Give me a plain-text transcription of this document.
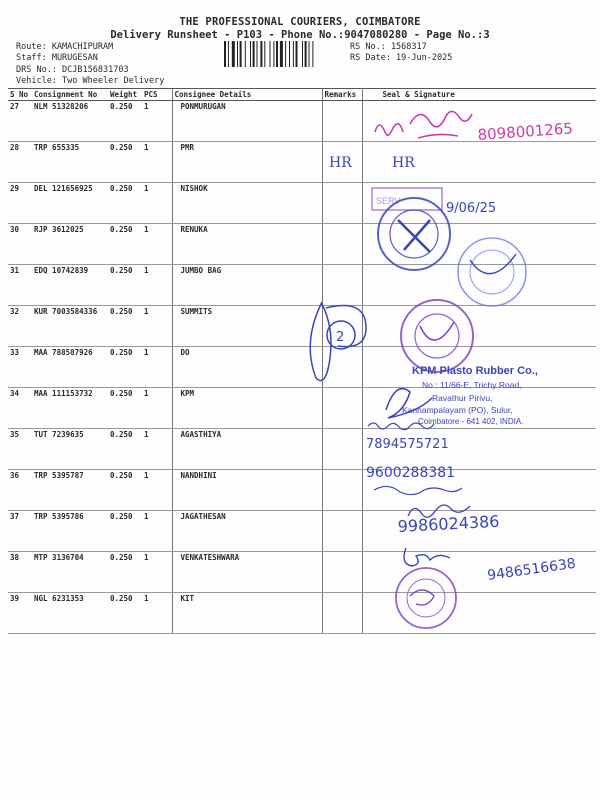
THE PROFESSIONAL COURIERS, COIMBATORE
Delivery Runsheet - P103 - Phone No.:9047080280 - Page No.:3
Route: KAMACHIPURAM
Staff: MURUGESAN
DRS No.: DCJB156831703
Vehicle: Two Wheeler Delivery
RS No.: 1568317
RS Date: 19-Jun-2025
S No	Consignment No	Weight	PCS	Consignee Details	Remarks	Seal & Signature
27	NLM 51328206	0.250	1	PONMURUGAN		
28	TRP 655335	0.250	1	PMR		
29	DEL 121656925	0.250	1	NISHOK		
30	RJP 3612025	0.250	1	RENUKA		
31	EDQ 10742839	0.250	1	JUMBO BAG		
32	KUR 7003584336	0.250	1	SUMMITS		
33	MAA 788587926	0.250	1	DO		
34	MAA 111153732	0.250	1	KPM		
35	TUT 7239635	0.250	1	AGASTHIYA		
36	TRP 5395787	0.250	1	NANDHINI		
37	TRP 5395786	0.250	1	JAGATHESAN		
38	MTP 3136704	0.250	1	VENKATESHWARA		
39	NGL 6231353	0.250	1	KIT		
8098001265
HR	HR
SERV	9/06/25
2
7894575721
9600288381
9986024386
9486516638
KPM Plasto Rubber Co.,
No : 11/66-E, Trichy Road,
Ravathur Pirivu,
Kannampalayam (PO), Sulur,
Coimbatore - 641 402, INDIA.
